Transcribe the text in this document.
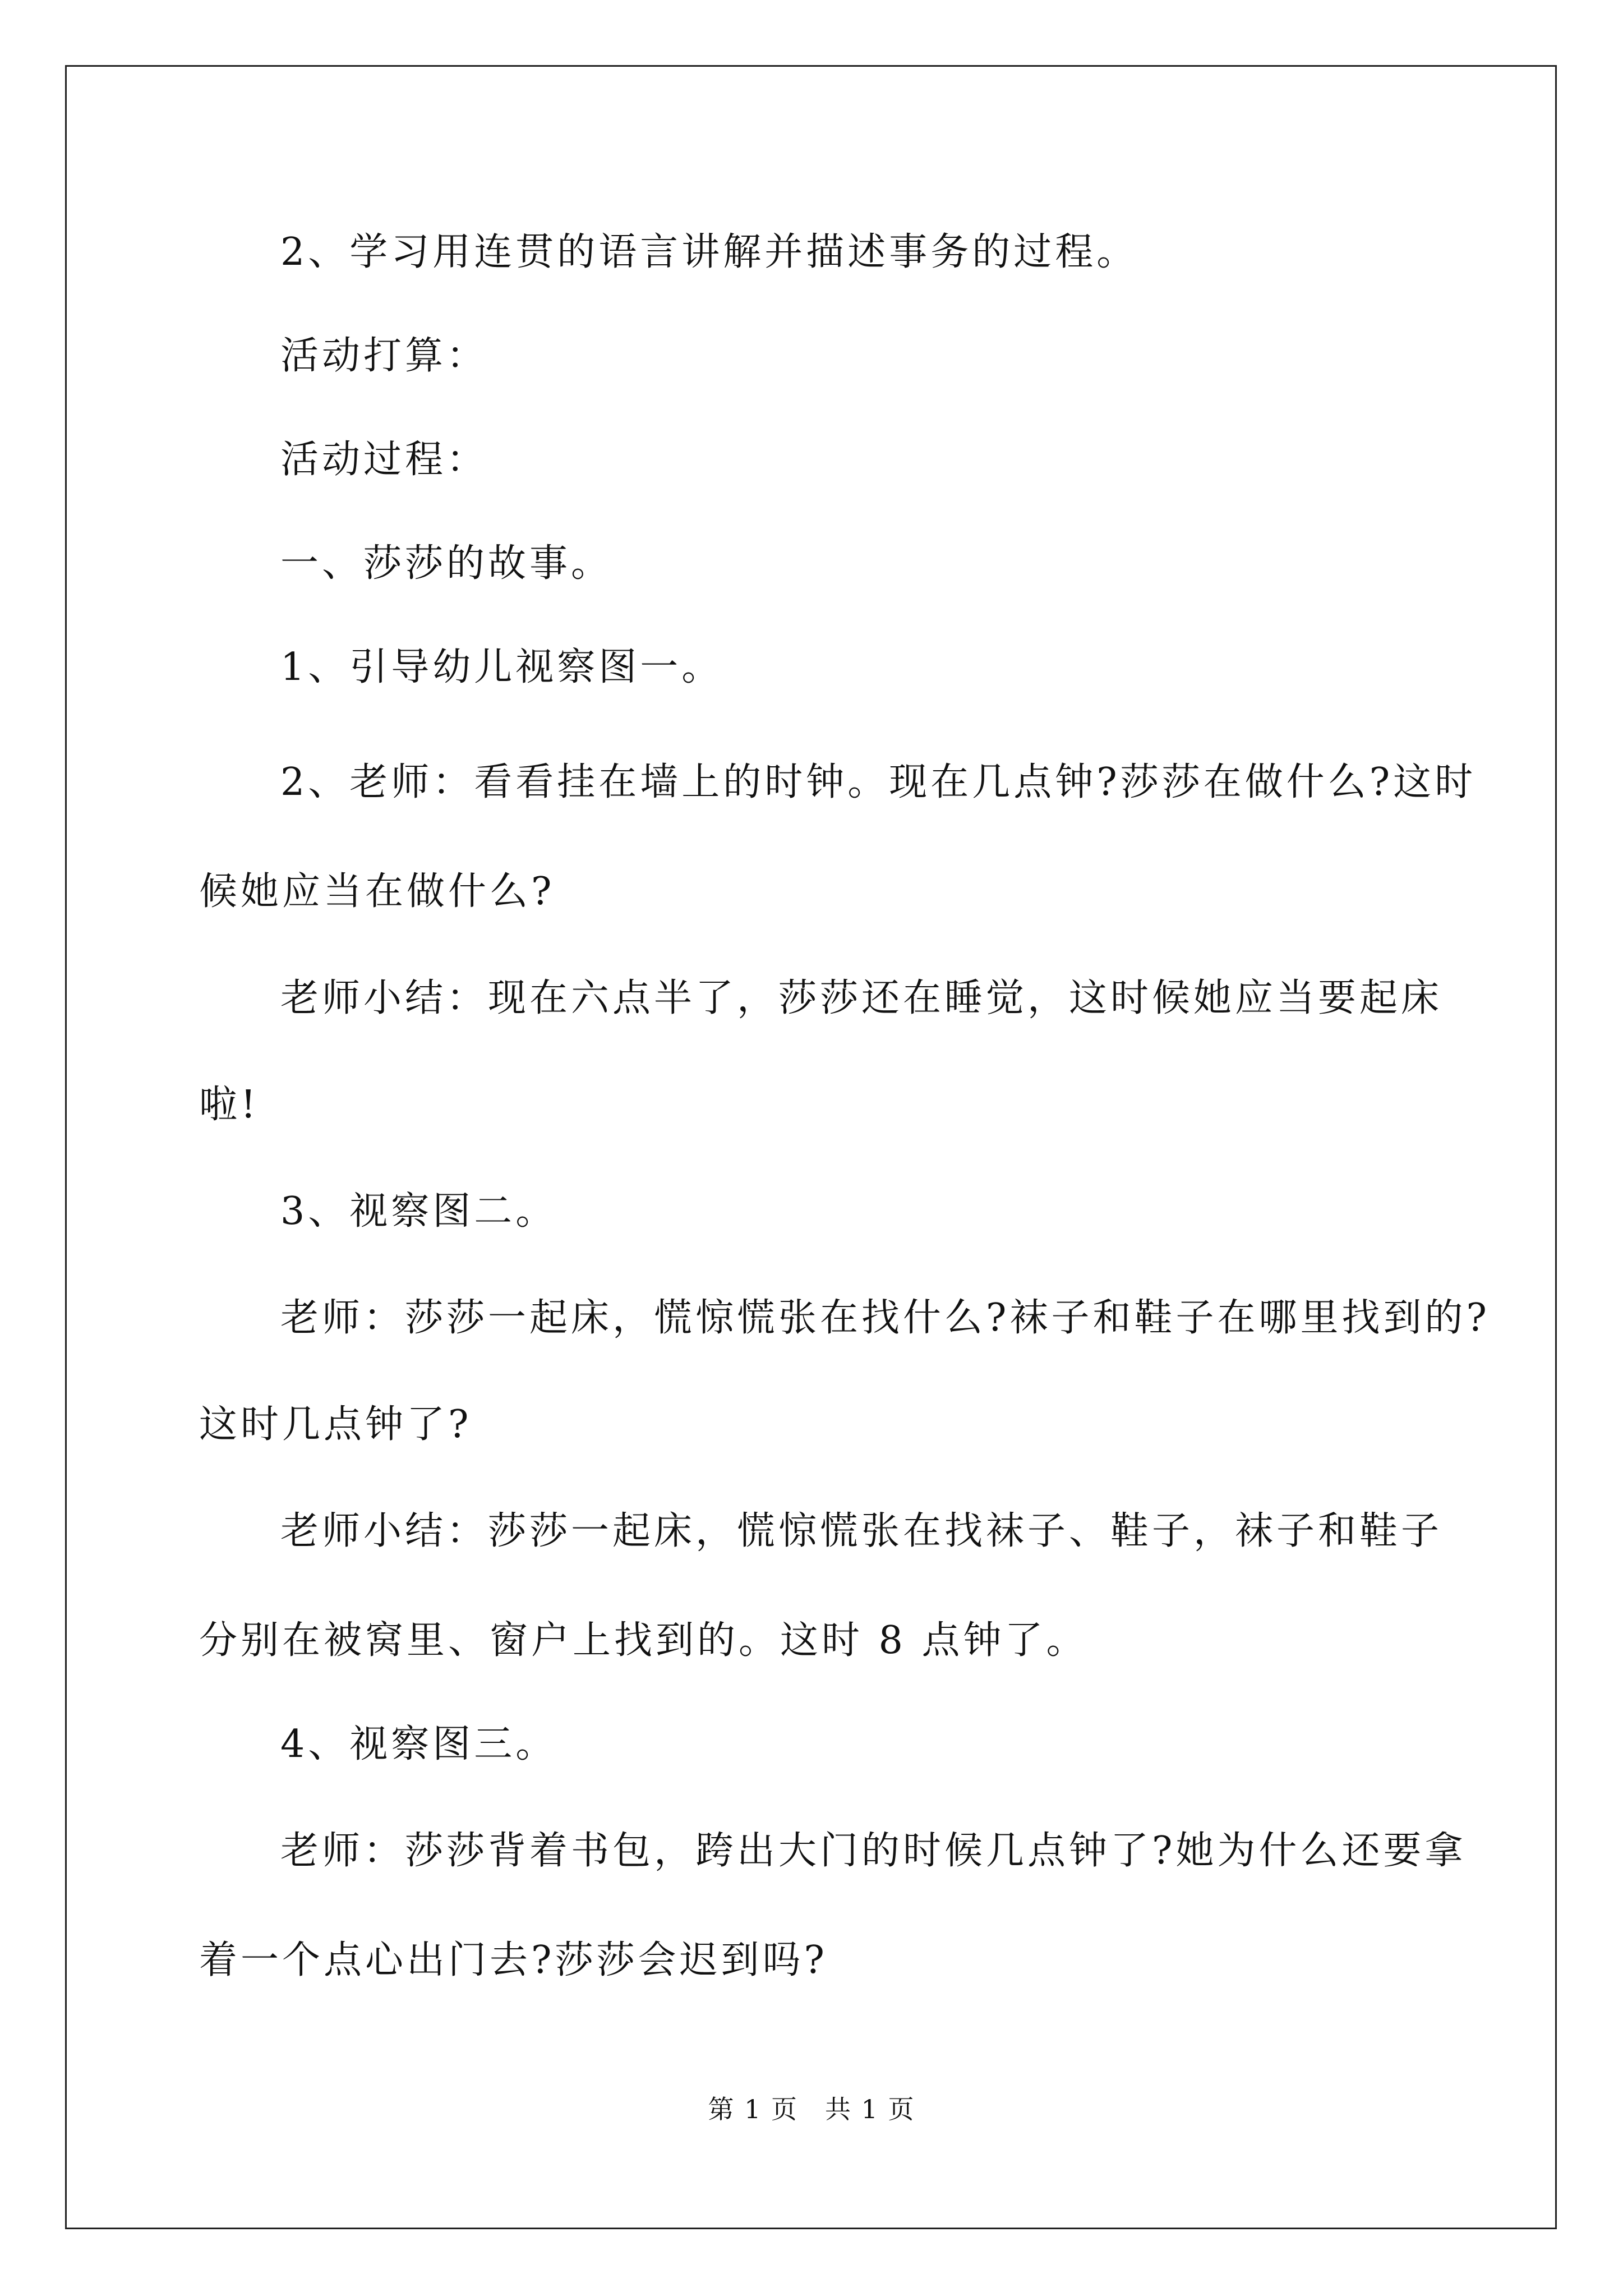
2、学习用连贯的语言讲解并描述事务的过程。
活动打算：
活动过程：
一、莎莎的故事。
1、引导幼儿视察图一。
2、老师：看看挂在墙上的时钟。现在几点钟?莎莎在做什么?这时
候她应当在做什么?
老师小结：现在六点半了，莎莎还在睡觉，这时候她应当要起床
啦!
3、视察图二。
老师：莎莎一起床，慌惊慌张在找什么?袜子和鞋子在哪里找到的?
这时几点钟了?
老师小结：莎莎一起床，慌惊慌张在找袜子、鞋子，袜子和鞋子
分别在被窝里、窗户上找到的。这时 8 点钟了。
4、视察图三。
老师：莎莎背着书包，跨出大门的时候几点钟了?她为什么还要拿
着一个点心出门去?莎莎会迟到吗?
第 1 页　共 1 页
